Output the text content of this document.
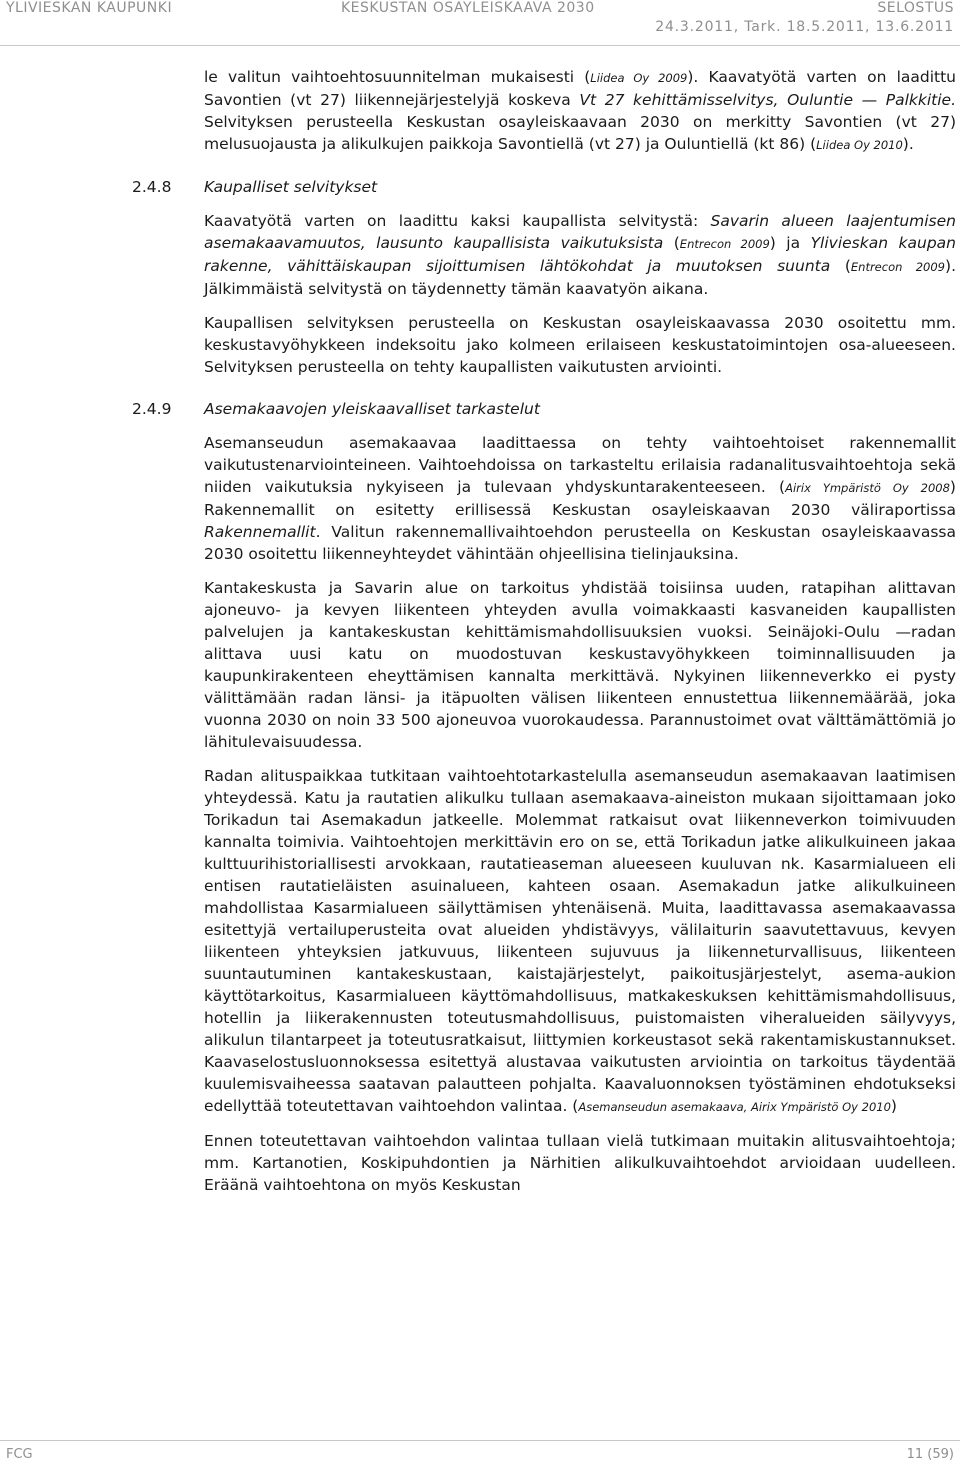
YLIVIESKAN KAUPUNKI	KESKUSTAN OSAYLEISKAAVA 2030	SELOSTUS
24.3.2011, Tark. 18.5.2011, 13.6.2011

le valitun vaihtoehtosuunnitelman mukaisesti (Liidea Oy 2009). Kaavatyötä varten on laadittu Savontien (vt 27) liikennejärjestelyjä koskeva Vt 27 kehittämisselvitys, Ouluntie — Palkkitie. Selvityksen perusteella Keskustan osayleiskaavaan 2030 on merkitty Savontien (vt 27) melusuojausta ja alikulkujen paikkoja Savontiellä (vt 27) ja Ouluntiellä (kt 86) (Liidea Oy 2010).

2.4.8 Kaupalliset selvitykset

Kaavatyötä varten on laadittu kaksi kaupallista selvitystä: Savarin alueen laajentumisen asemakaavamuutos, lausunto kaupallisista vaikutuksista (Entrecon 2009) ja Ylivieskan kaupan rakenne, vähittäiskaupan sijoittumisen lähtökohdat ja muutoksen suunta (Entrecon 2009). Jälkimmäistä selvitystä on täydennetty tämän kaavatyön aikana.

Kaupallisen selvityksen perusteella on Keskustan osayleiskaavassa 2030 osoitettu mm. keskustavyöhykkeen indeksoitu jako kolmeen erilaiseen keskustatoimintojen osa-alueeseen. Selvityksen perusteella on tehty kaupallisten vaikutusten arviointi.

2.4.9 Asemakaavojen yleiskaavalliset tarkastelut

Asemanseudun asemakaavaa laadittaessa on tehty vaihtoehtoiset rakennemallit vaikutustenarviointeineen. Vaihtoehdoissa on tarkasteltu erilaisia radanalitusvaihtoehtoja sekä niiden vaikutuksia nykyiseen ja tulevaan yhdyskuntarakenteeseen. (Airix Ympäristö Oy 2008) Rakennemallit on esitetty erillisessä Keskustan osayleiskaavan 2030 väliraportissa Rakennemallit. Valitun rakennemallivaihtoehdon perusteella on Keskustan osayleiskaavassa 2030 osoitettu liikenneyhteydet vähintään ohjeellisina tielinjauksina.

Kantakeskusta ja Savarin alue on tarkoitus yhdistää toisiinsa uuden, ratapihan alittavan ajoneuvo- ja kevyen liikenteen yhteyden avulla voimakkaasti kasvaneiden kaupallisten palvelujen ja kantakeskustan kehittämismahdollisuuksien vuoksi. Seinäjoki-Oulu —radan alittava uusi katu on muodostuvan keskustavyöhykkeen toiminnallisuuden ja kaupunkirakenteen eheyttämisen kannalta merkittävä. Nykyinen liikenneverkko ei pysty välittämään radan länsi- ja itäpuolten välisen liikenteen ennustettua liikennemäärää, joka vuonna 2030 on noin 33 500 ajoneuvoa vuorokaudessa. Parannustoimet ovat välttämättömiä jo lähitulevaisuudessa.

Radan alituspaikkaa tutkitaan vaihtoehtotarkastelulla asemanseudun asemakaavan laatimisen yhteydessä. Katu ja rautatien alikulku tullaan asemakaava-aineiston mukaan sijoittamaan joko Torikadun tai Asemakadun jatkeelle. Molemmat ratkaisut ovat liikenneverkon toimivuuden kannalta toimivia. Vaihtoehtojen merkittävin ero on se, että Torikadun jatke alikulkuineen jakaa kulttuurihistoriallisesti arvokkaan, rautatieaseman alueeseen kuuluvan nk. Kasarmialueen eli entisen rautatieläisten asuinalueen, kahteen osaan. Asemakadun jatke alikulkuineen mahdollistaa Kasarmialueen säilyttämisen yhtenäisenä. Muita, laadittavassa asemakaavassa esitettyjä vertailuperusteita ovat alueiden yhdistävyys, välilaiturin saavutettavuus, kevyen liikenteen yhteyksien jatkuvuus, liikenteen sujuvuus ja liikenneturvallisuus, liikenteen suuntautuminen kantakeskustaan, kaistajärjestelyt, paikoitusjärjestelyt, asema-aukion käyttötarkoitus, Kasarmialueen käyttömahdollisuus, matkakeskuksen kehittämismahdollisuus, hotellin ja liikerakennusten toteutusmahdollisuus, puistomaisten viheralueiden säilyvyys, alikulun tilantarpeet ja toteutusratkaisut, liittymien korkeustasot sekä rakentamiskustannukset. Kaavaselostusluonnoksessa esitettyä alustavaa vaikutusten arviointia on tarkoitus täydentää kuulemisvaiheessa saatavan palautteen pohjalta. Kaavaluonnoksen työstäminen ehdotukseksi edellyttää toteutettavan vaihtoehdon valintaa. (Asemanseudun asemakaava, Airix Ympäristö Oy 2010)

Ennen toteutettavan vaihtoehdon valintaa tullaan vielä tutkimaan muitakin alitusvaihtoehtoja; mm. Kartanotien, Koskipuhdontien ja Närhitien alikulkuvaihtoehdot arvioidaan uudelleen. Eräänä vaihtoehtona on myös Keskustan

FCG	11 (59)
